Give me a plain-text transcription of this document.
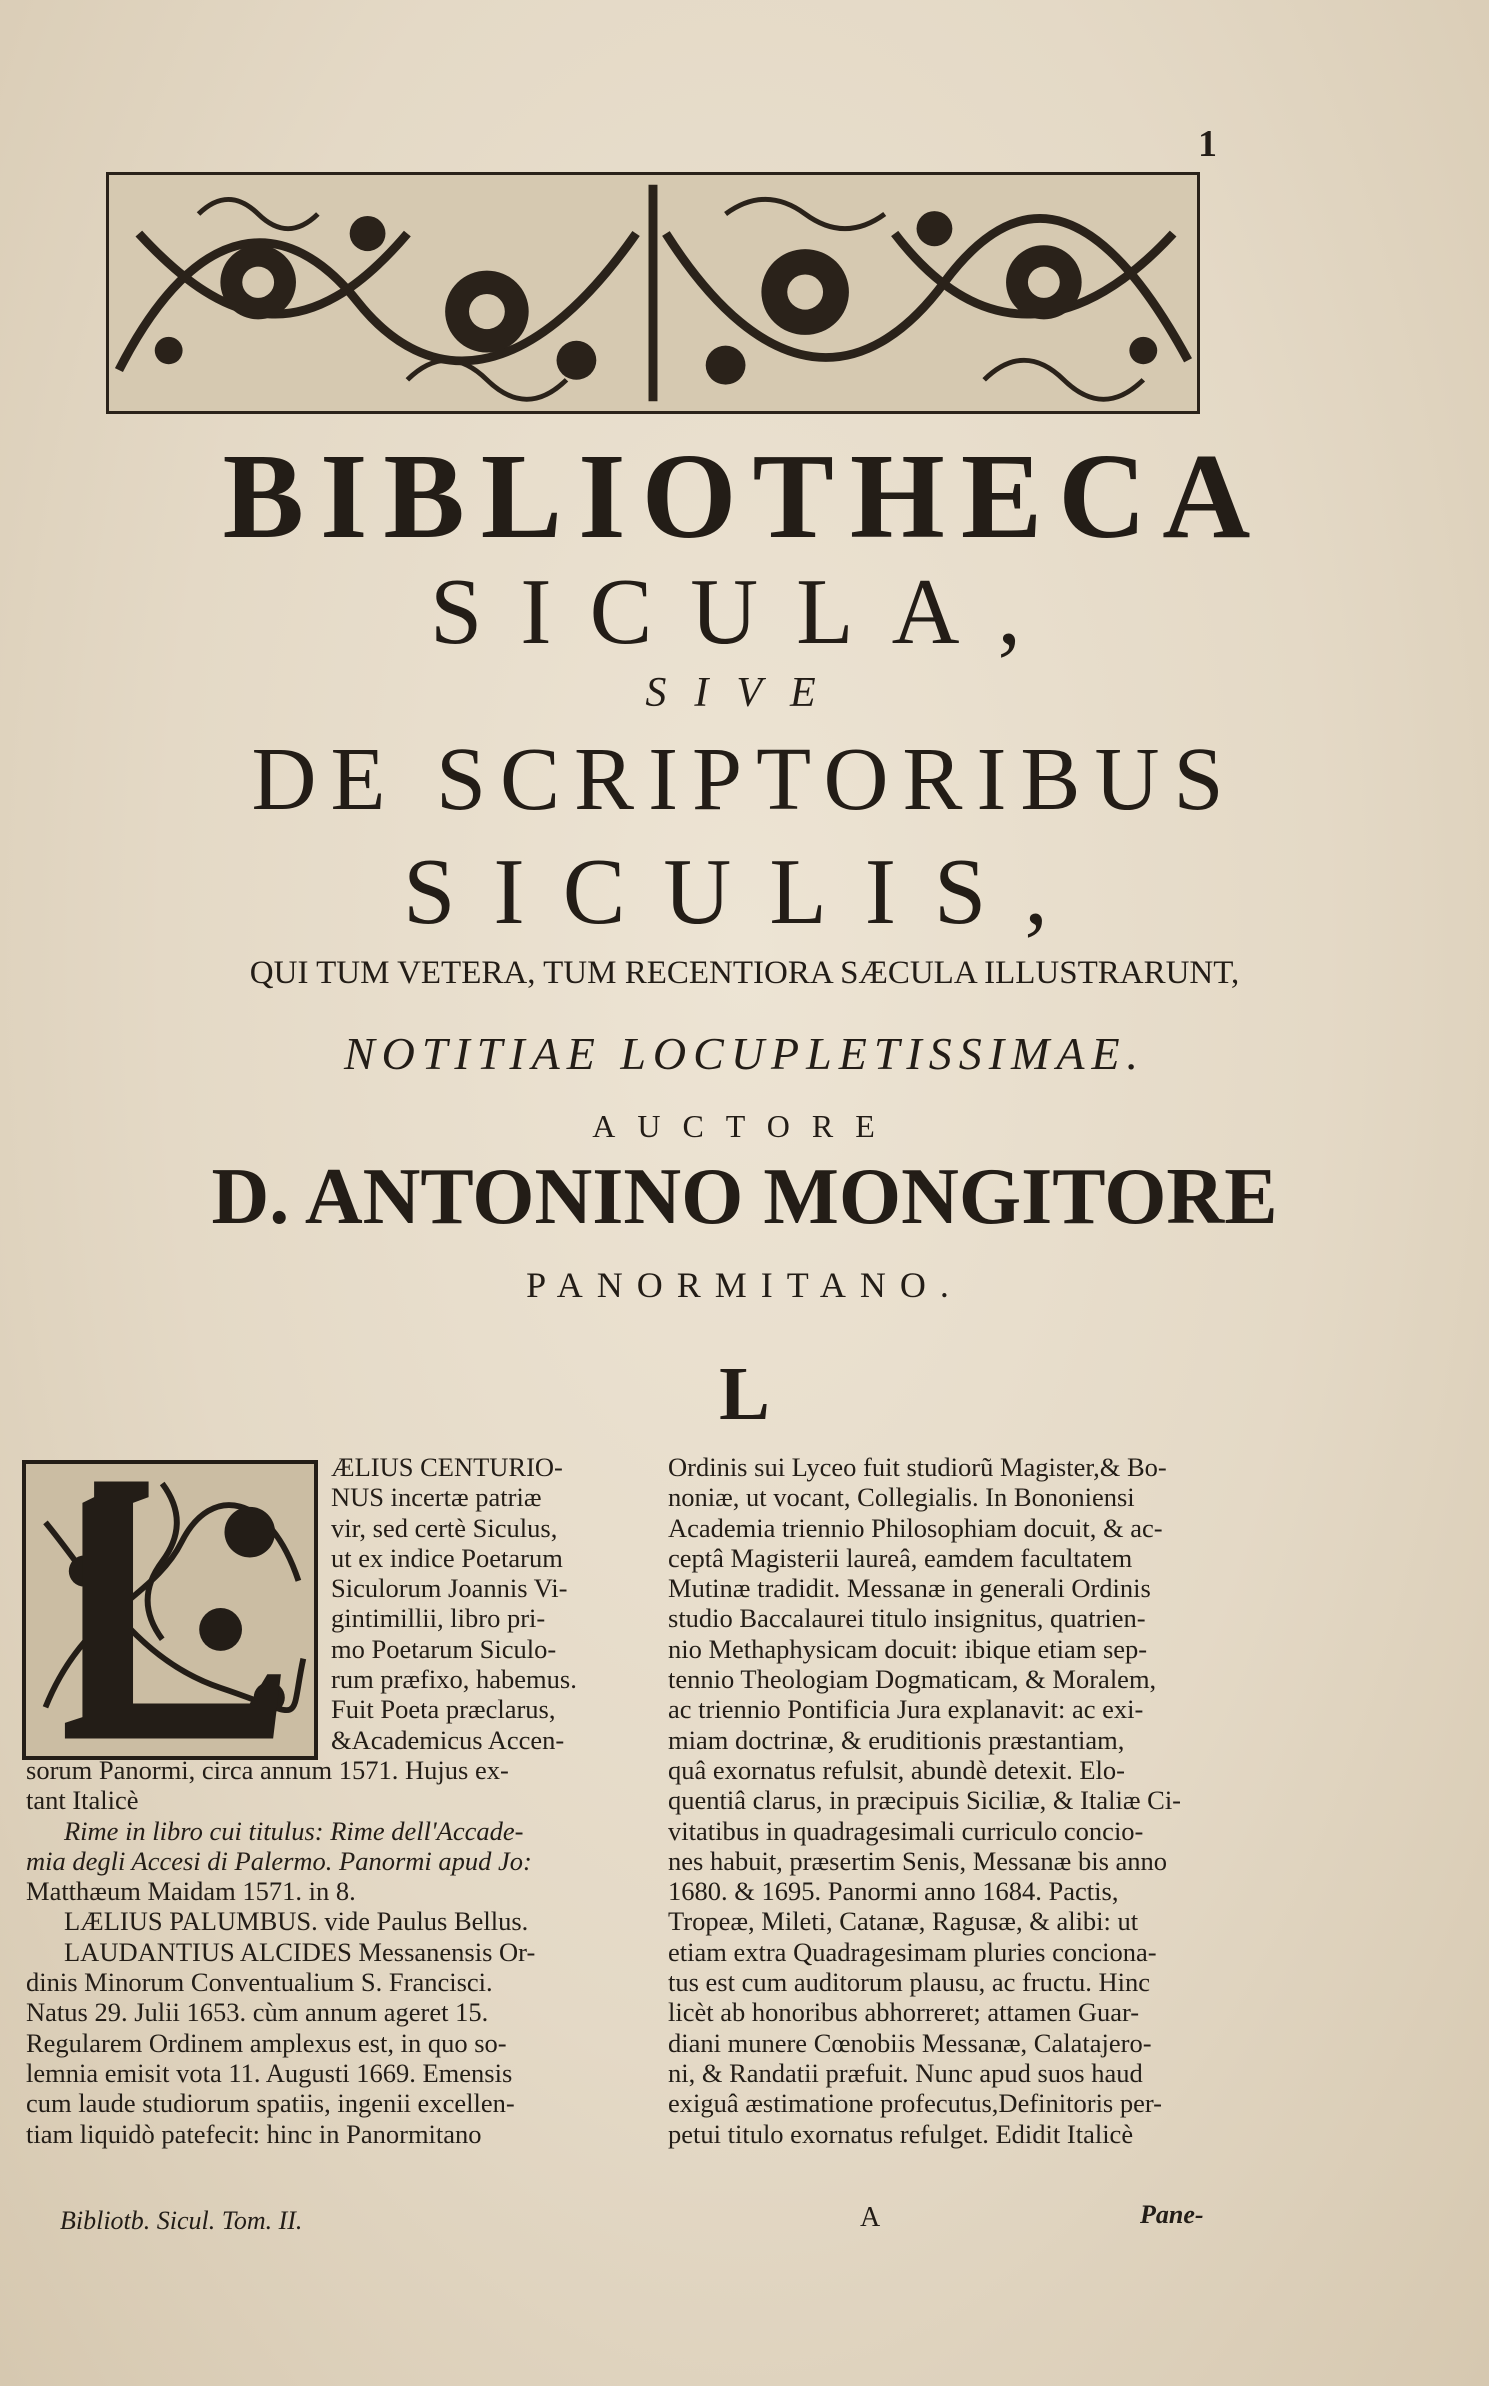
1
BIBLIOTHECA
SICULA,
SIVE
DE SCRIPTORIBUS
SICULIS,
QUI TUM VETERA, TUM RECENTIORA SÆCULA ILLUSTRARUNT,
NOTITIAE LOCUPLETISSIMAE.
AUCTORE
D. ANTONINO MONGITORE
PANORMITANO.
L
ÆLIUS CENTURIO-
NUS incertæ patriæ
vir, sed certè Siculus,
ut ex indice Poetarum
Siculorum Joannis Vi-
gintimillii, libro pri-
mo Poetarum Siculo-
rum præfixo, habemus.
Fuit Poeta præclarus,
&Academicus Accen-
sorum Panormi, circa annum 1571. Hujus ex-
tant Italicè
Rime in libro cui titulus: Rime dell'Accade-
mia degli Accesi di Palermo. Panormi apud Jo:
Matthæum Maidam 1571. in 8.
LÆLIUS PALUMBUS. vide Paulus Bellus.
LAUDANTIUS ALCIDES Messanensis Or-
dinis Minorum Conventualium S. Francisci.
Natus 29. Julii 1653. cùm annum ageret 15.
Regularem Ordinem amplexus est, in quo so-
lemnia emisit vota 11. Augusti 1669. Emensis
cum laude studiorum spatiis, ingenii excellen-
tiam liquidò patefecit: hinc in Panormitano
Ordinis sui Lyceo fuit studiorũ Magister,& Bo-
noniæ, ut vocant, Collegialis. In Bononiensi
Academia triennio Philosophiam docuit, & ac-
ceptâ Magisterii laureâ, eamdem facultatem
Mutinæ tradidit. Messanæ in generali Ordinis
studio Baccalaurei titulo insignitus, quatrien-
nio Methaphysicam docuit: ibique etiam sep-
tennio Theologiam Dogmaticam, & Moralem,
ac triennio Pontificia Jura explanavit: ac exi-
miam doctrinæ, & eruditionis præstantiam,
quâ exornatus refulsit, abundè detexit. Elo-
quentiâ clarus, in præcipuis Siciliæ, & Italiæ Ci-
vitatibus in quadragesimali curriculo concio-
nes habuit, præsertim Senis, Messanæ bis anno
1680. & 1695. Panormi anno 1684. Pactis,
Tropeæ, Mileti, Catanæ, Ragusæ, & alibi: ut
etiam extra Quadragesimam pluries conciona-
tus est cum auditorum plausu, ac fructu. Hinc
licèt ab honoribus abhorreret; attamen Guar-
diani munere Cœnobiis Messanæ, Calatajero-
ni, & Randatii præfuit. Nunc apud suos haud
exiguâ æstimatione profecutus,Definitoris per-
petui titulo exornatus refulget. Edidit Italicè
Bibliotb. Sicul. Tom. II.	A	Pane-
